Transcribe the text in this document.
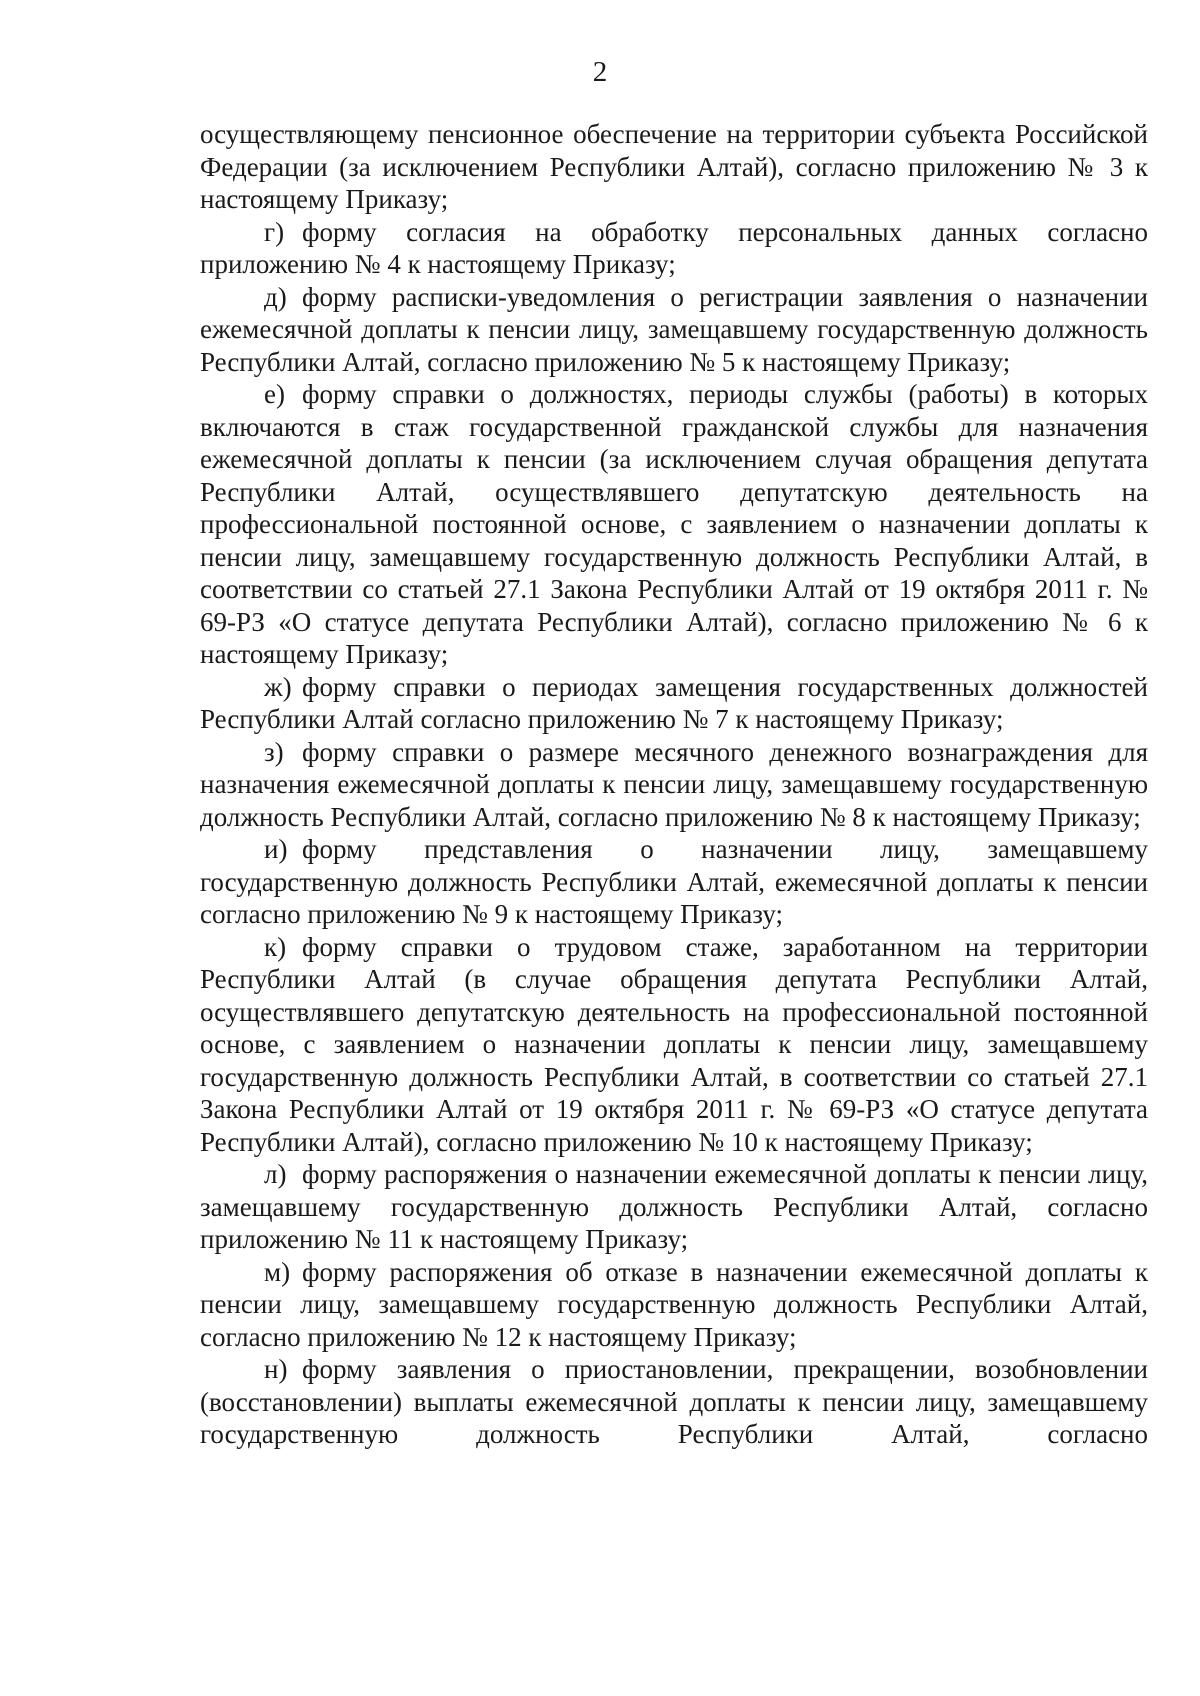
2

осуществляющему пенсионное обеспечение на территории субъекта Российской Федерации (за исключением Республики Алтай), согласно приложению № 3 к настоящему Приказу;

г) форму согласия на обработку персональных данных согласно приложению № 4 к настоящему Приказу;

д) форму расписки-уведомления о регистрации заявления о назначении ежемесячной доплаты к пенсии лицу, замещавшему государственную должность Республики Алтай, согласно приложению № 5 к настоящему Приказу;

е) форму справки о должностях, периоды службы (работы) в которых включаются в стаж государственной гражданской службы для назначения ежемесячной доплаты к пенсии (за исключением случая обращения депутата Республики Алтай, осуществлявшего депутатскую деятельность на профессиональной постоянной основе, с заявлением о назначении доплаты к пенсии лицу, замещавшему государственную должность Республики Алтай, в соответствии со статьей 27.1 Закона Республики Алтай от 19 октября 2011 г. № 69-РЗ «О статусе депутата Республики Алтай), согласно приложению № 6 к настоящему Приказу;

ж) форму справки о периодах замещения государственных должностей Республики Алтай согласно приложению № 7 к настоящему Приказу;

з) форму справки о размере месячного денежного вознаграждения для назначения ежемесячной доплаты к пенсии лицу, замещавшему государственную должность Республики Алтай, согласно приложению № 8 к настоящему Приказу;

и) форму представления о назначении лицу, замещавшему государственную должность Республики Алтай, ежемесячной доплаты к пенсии согласно приложению № 9 к настоящему Приказу;

к) форму справки о трудовом стаже, заработанном на территории Республики Алтай (в случае обращения депутата Республики Алтай, осуществлявшего депутатскую деятельность на профессиональной постоянной основе, с заявлением о назначении доплаты к пенсии лицу, замещавшему государственную должность Республики Алтай, в соответствии со статьей 27.1 Закона Республики Алтай от 19 октября 2011 г. № 69-РЗ «О статусе депутата Республики Алтай), согласно приложению № 10 к настоящему Приказу;

л) форму распоряжения о назначении ежемесячной доплаты к пенсии лицу, замещавшему государственную должность Республики Алтай, согласно приложению № 11 к настоящему Приказу;

м) форму распоряжения об отказе в назначении ежемесячной доплаты к пенсии лицу, замещавшему государственную должность Республики Алтай, согласно приложению № 12 к настоящему Приказу;

н) форму заявления о приостановлении, прекращении, возобновлении (восстановлении) выплаты ежемесячной доплаты к пенсии лицу, замещавшему государственную должность Республики Алтай, согласно
